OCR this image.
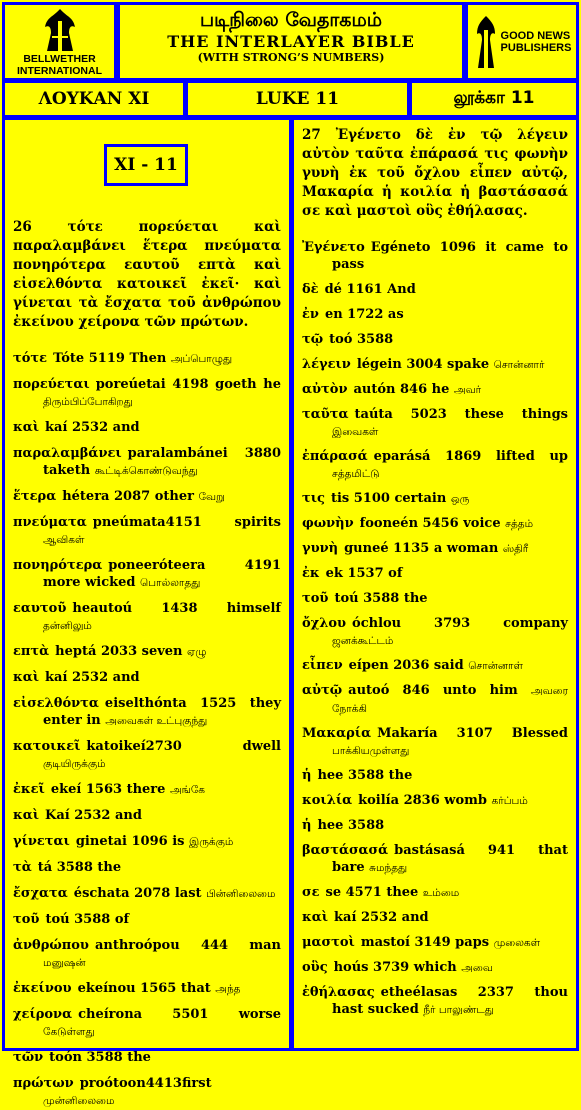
BELLWETHER
INTERNATIONAL
படிநிலை வேதாகமம்
THE INTERLAYER BIBLE
(WITH STRONG’S NUMBERS)
GOOD NEWS
PUBLISHERS
ΛΟΥΚΑΝ XI	LUKE 11	லூக்கா 11
26 τότε πορεύεται καὶ παραλαμβάνει ἕτερα πνεύματα πονηρότερα εαυτοῦ επτὰ καὶ εἰσελθόντα κατοικεῖ ἐκεῖ· καὶ γίνεται τὰ ἔσχατα τοῦ ἀνθρώπου ἐκείνου χείρονα τῶν πρώτων.
τότε Tóte 5119 Then அப்பொழுது
πορεύεται poreúetai 4198 goeth he திரும்பிப்போகிறது
καὶ kaí 2532 and
παραλαμβάνει paralambánei 3880 taketh கூட்டிக்கொண்டுவந்து
ἕτερα hétera 2087 other வேறு
πνεύματα pneúmata4151 spirits ஆவிகள்
πονηρότερα poneeróteera 4191 more wicked பொல்லாதது
εαυτοῦ heautoú 1438 himself தன்னிலும்
επτὰ heptá 2033 seven ஏழு
καὶ kaí 2532 and
εἰσελθόντα eiselthónta 1525 they enter in அவைகள் உட்புகுந்து
κατοικεῖ katoikeí2730 dwell குடியிருக்கும்
ἐκεῖ ekeí 1563 there அங்கே
καὶ Kaí 2532 and
γίνεται ginetai 1096 is இருக்கும்
τὰ tá 3588 the
ἔσχατα éschata 2078 last பின்னிலைமை
τοῦ toú 3588 of
ἀνθρώπου anthroópou 444 man மனுஷன்
ἐκείνου ekeínou 1565 that அந்த
χείρονα cheírona 5501 worse கேடுள்ளது
τῶν toón 3588 the
πρώτων proótoon4413first முன்னிலைமை
XI - 11
27 Ἐγένετο δὲ ἐν τῷ λέγειν αὐτὸν ταῦτα ἐπάρασά τις φωνὴν γυνὴ ἐκ τοῦ ὄχλου εἶπεν αὐτῷ, Μακαρία ἡ κοιλία ἡ βαστάσασά σε καὶ μαστοὶ οὓς ἐθήλασας.
Ἐγένετο Egéneto 1096 it came to pass
δὲ dé 1161 And
ἐν en 1722 as
τῷ toó 3588
λέγειν légein 3004 spake சொன்னார்
αὐτὸν autón 846 he அவர்
ταῦτα taúta 5023 these things இவைகள்
ἐπάρασά eparásá 1869 lifted up சத்தமிட்டு
τις tis 5100 certain ஒரு
φωνὴν fooneén 5456 voice சத்தம்
γυνὴ guneé 1135 a woman ஸ்திரீ
ἐκ ek 1537 of
τοῦ toú 3588 the
ὄχλου óchlou 3793 company ஜனக்கூட்டம்
εἶπεν eípen 2036 said சொன்னாள்
αὐτῷ autoó 846 unto him அவரை நோக்கி
Μακαρία Makaría 3107 Blessed பாக்கியமுள்ளது
ἡ hee 3588 the
κοιλία koilía 2836 womb கர்ப்பம்
ἡ hee 3588
βαστάσασά bastásasá 941 that bare சுமந்தது
σε se 4571 thee உம்மை
καὶ kaí 2532 and
μαστοὶ mastoí 3149 paps முலைகள்
οὓς hoús 3739 which அவை
ἐθήλασας etheélasas 2337 thou hast sucked நீர் பாலுண்டது
